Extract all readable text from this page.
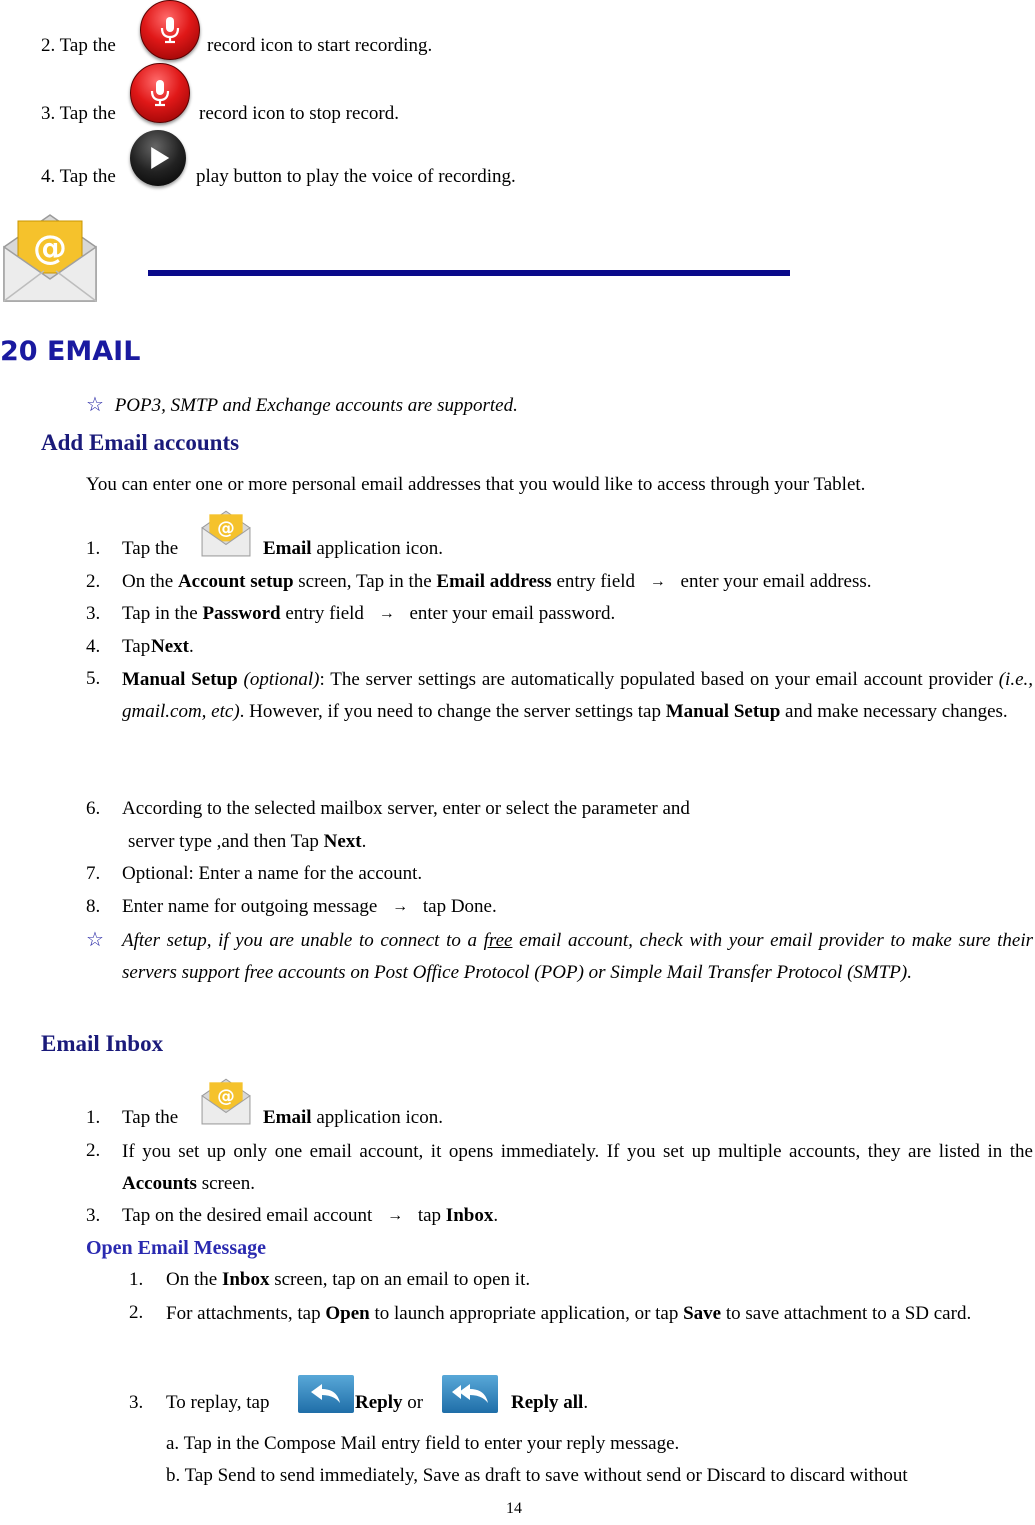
2. Tap the	record icon to start recording.
3. Tap the	record icon to stop record.
4. Tap the	play button to play the voice of recording.
@
20 EMAIL
☆ POP3, SMTP and Exchange accounts are supported.
Add Email accounts
You can enter one or more personal email addresses that you would like to access through your Tablet.
1. Tap the
@
Email application icon.
2. On the Account setup screen, Tap in the Email address entry field → enter your email address.
3. Tap in the Password entry field → enter your email password.
4. Tap Next.
5. Manual Setup (optional): The server settings are automatically populated based on your email account provider (i.e., gmail.com, etc). However, if you need to change the server settings tap Manual Setup and make necessary changes.
6. According to the selected mailbox server, enter or select the parameter and
server type ,and then Tap Next.
7. Optional: Enter a name for the account.
8. Enter name for outgoing message → tap Done.
☆ After setup, if you are unable to connect to a free email account, check with your email provider to make sure their servers support free accounts on Post Office Protocol (POP) or Simple Mail Transfer Protocol (SMTP).
Email Inbox
1. Tap the
@
Email application icon.
2. If you set up only one email account, it opens immediately. If you set up multiple accounts, they are listed in the Accounts screen.
3. Tap on the desired email account → tap Inbox.
Open Email Message
1. On the Inbox screen, tap on an email to open it.
2. For attachments, tap Open to launch appropriate application, or tap Save to save attachment to a SD card.
3. To replay, tap	Reply or	Reply all.
a. Tap in the Compose Mail entry field to enter your reply message.
b. Tap Send to send immediately, Save as draft to save without send or Discard to discard without
14
